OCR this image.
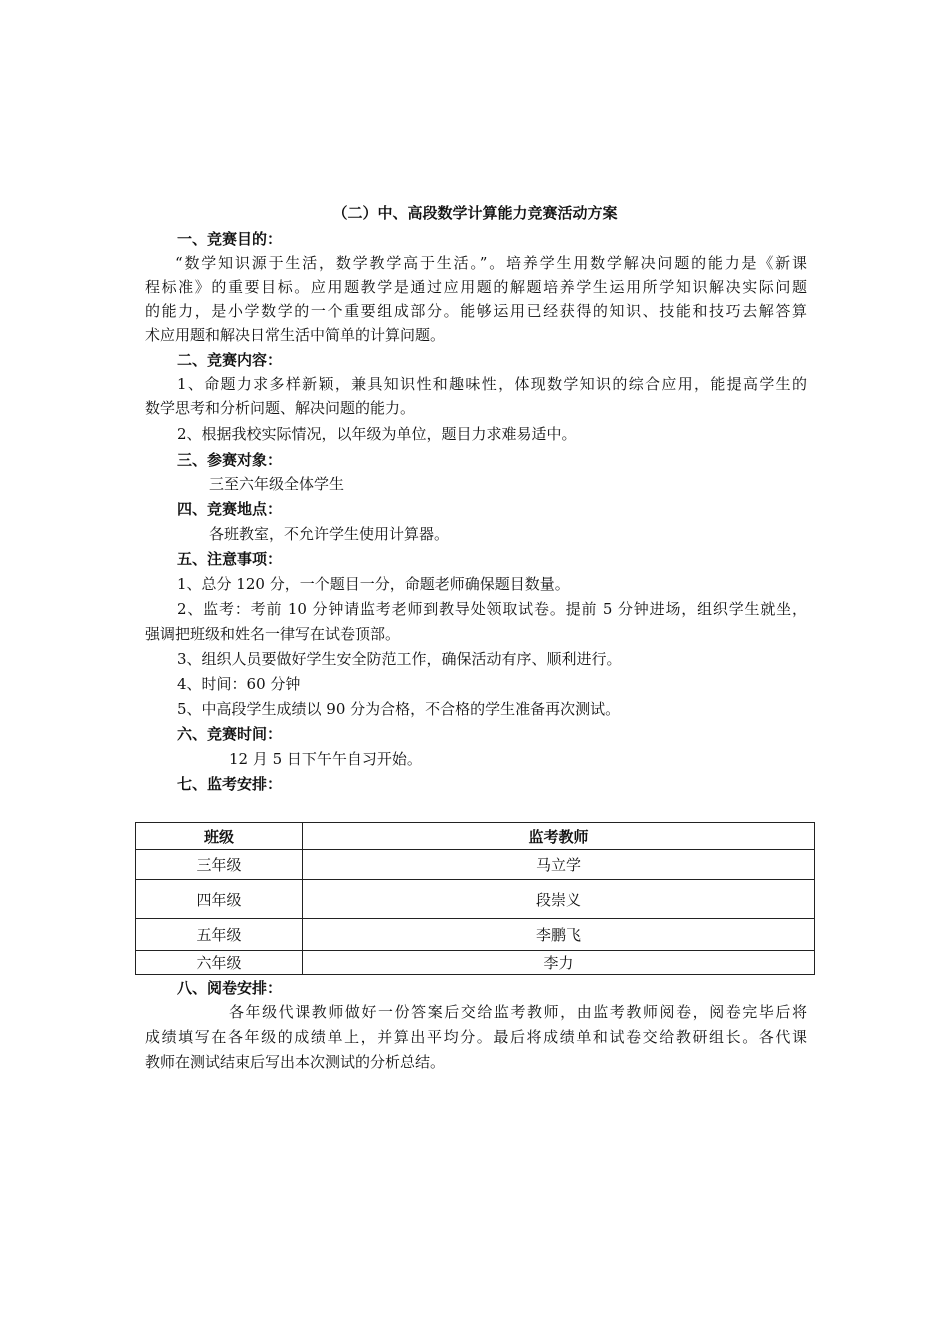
（二）中、高段数学计算能力竞赛活动方案
一、竞赛目的：
“数学知识源于生活，数学教学高于生活。”。培养学生用数学解决问题的能力是《新课
程标准》的重要目标。应用题教学是通过应用题的解题培养学生运用所学知识解决实际问题
的能力，是小学数学的一个重要组成部分。能够运用已经获得的知识、技能和技巧去解答算
术应用题和解决日常生活中简单的计算问题。
二、竞赛内容：
1、命题力求多样新颖，兼具知识性和趣味性，体现数学知识的综合应用，能提高学生的
数学思考和分析问题、解决问题的能力。
2、根据我校实际情况，以年级为单位，题目力求难易适中。
三、参赛对象：
三至六年级全体学生
四、竞赛地点：
各班教室，不允许学生使用计算器。
五、注意事项：
1、总分 120 分，一个题目一分，命题老师确保题目数量。
2、监考：考前 10 分钟请监考老师到教导处领取试卷。提前 5 分钟进场，组织学生就坐，
强调把班级和姓名一律写在试卷顶部。
3、组织人员要做好学生安全防范工作，确保活动有序、顺利进行。
4、时间：60 分钟
5、中高段学生成绩以 90 分为合格，不合格的学生准备再次测试。
六、竞赛时间：
12 月 5 日下午午自习开始。
七、监考安排：
班级	监考教师
三年级	马立学
四年级	段崇义
五年级	李鹏飞
六年级	李力
八、阅卷安排：
各年级代课教师做好一份答案后交给监考教师，由监考教师阅卷，阅卷完毕后将
成绩填写在各年级的成绩单上，并算出平均分。最后将成绩单和试卷交给教研组长。各代课
教师在测试结束后写出本次测试的分析总结。
